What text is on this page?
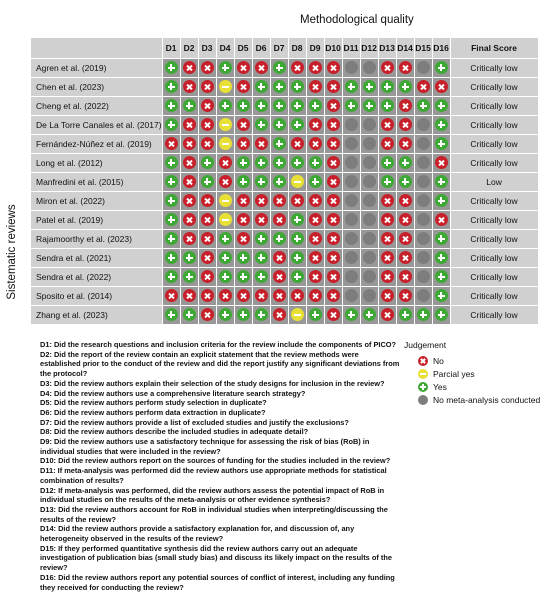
Methodological quality
Sistematic reviews
	D1	D2	D3	D4	D5	D6	D7	D8	D9	D10	D11	D12	D13	D14	D15	D16	Final Score
Agren et al. (2019)																	Critically low
Chen et al. (2023)																	Critically low
Cheng et al. (2022)																	Critically low
De La Torre Canales et al. (2017)																	Critically low
Fernández-Núñez et al. (2019)																	Critically low
Long et al. (2012)																	Critically low
Manfredini et al. (2015)																	Low
Miron et al. (2022)																	Critically low
Patel et al. (2019)																	Critically low
Rajamoorthy et al. (2023)																	Critically low
Sendra et al. (2021)																	Critically low
Sendra et al. (2022)																	Critically low
Sposito et al. (2014)																	Critically low
Zhang et al. (2023)																	Critically low

D1: Did the research questions and inclusion criteria for the review include the components of PICO?

D2: Did the report of the review contain an explicit statement that the review methods were established prior to the conduct of the review and did the report justify any significant deviations from the protocol?

D3: Did the review authors explain their selection of the study designs for inclusion in the review?

D4: Did the review authors use a comprehensive literature search strategy?

D5: Did the review authors perform study selection in duplicate?

D6: Did the review authors perform data extraction in duplicate?

D7: Did the review authors provide a list of excluded studies and justify the exclusions?

D8: Did the review authors describe the included studies in adequate detail?

D9: Did the review authors use a satisfactory technique for assessing the risk of bias (RoB) in individual studies that were included in the review?

D10: Did the review authors report on the sources of funding for the studies included in the review?

D11: If meta-analysis was performed did the review authors use appropriate methods for statistical combination of results?

D12: If meta-analysis was performed, did the review authors assess the potential impact of RoB in individual studies on the results of the meta-analysis or other evidence synthesis?

D13: Did the review authors account for RoB in individual studies when interpreting/discussing the results of the review?

D14: Did the review authors provide a satisfactory explanation for, and discussion of, any heterogeneity observed in the results of the review?

D15: If they performed quantitative synthesis did the review authors carry out an adequate investigation of publication bias (small study bias) and discuss its likely impact on the results of the review?

D16: Did the review authors report any potential sources of conflict of interest, including any funding they received for conducting the review?

Judgement
No
Parcial yes
Yes
No meta-analysis conducted
